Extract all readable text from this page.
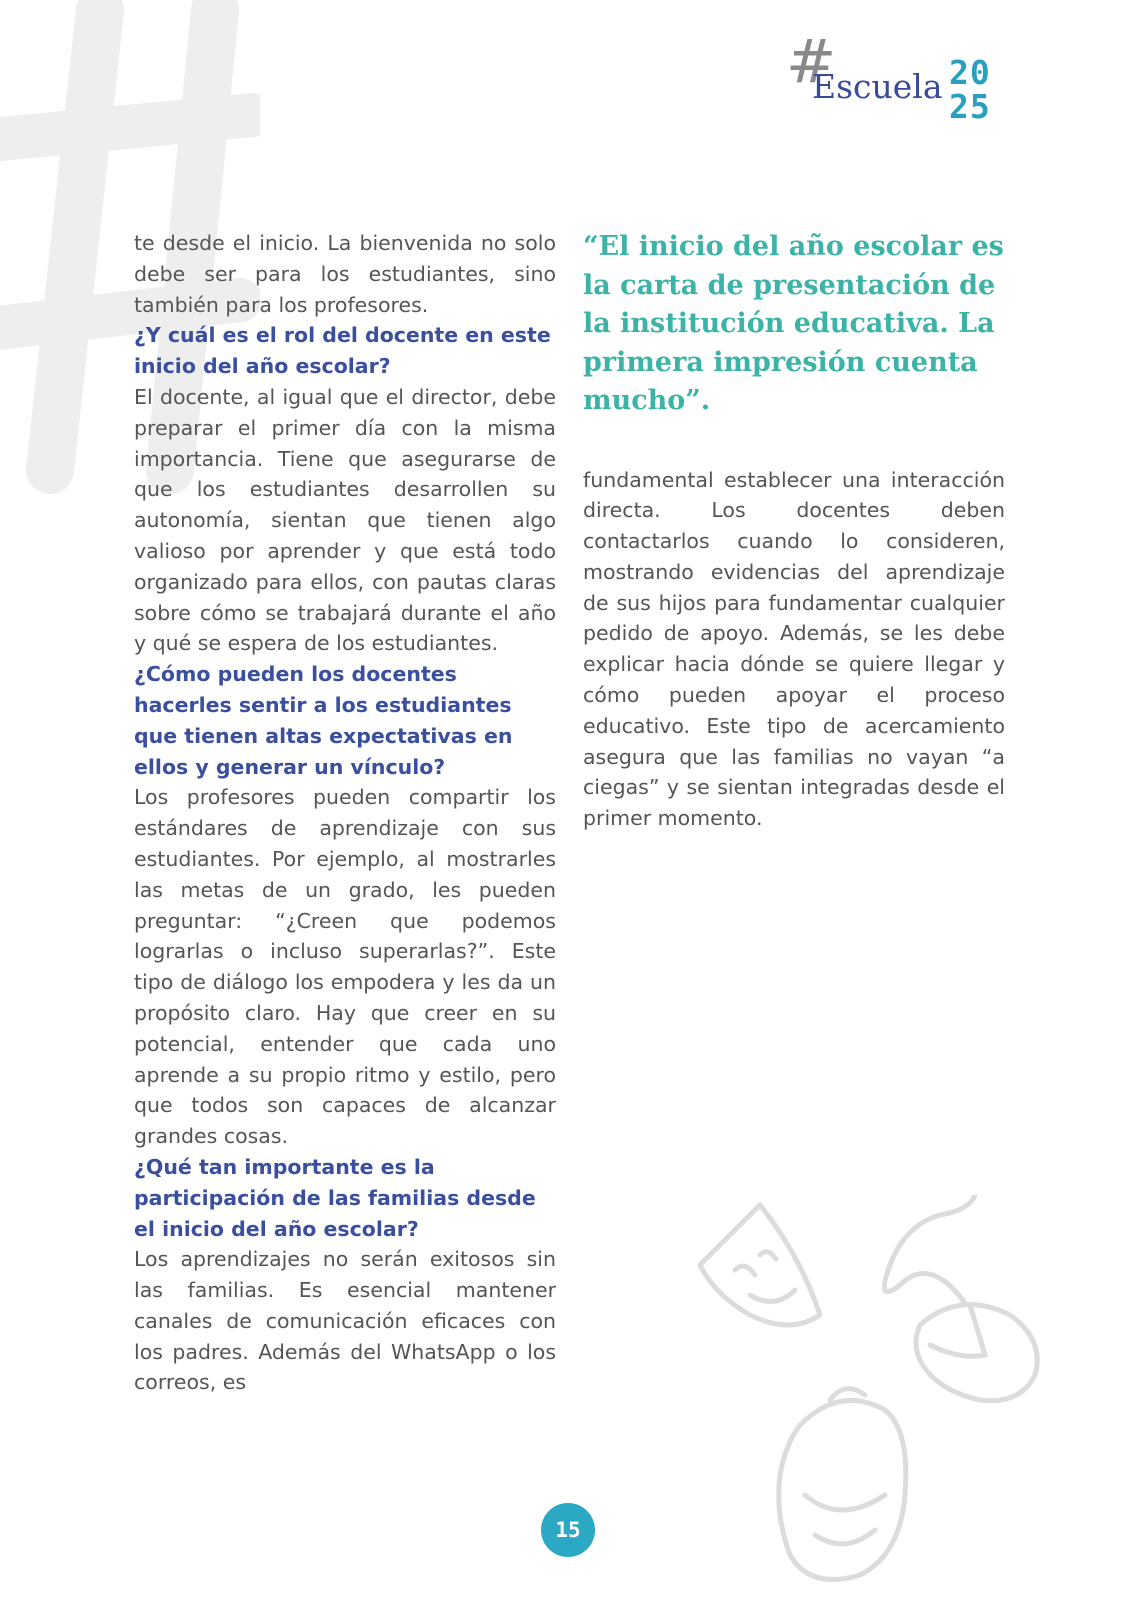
#
Escuela 20
25

te desde el inicio. La bienvenida no solo debe ser para los estudiantes, sino también para los profesores.

¿Y cuál es el rol del docente en este inicio del año escolar?

El docente, al igual que el director, debe preparar el primer día con la misma importancia. Tiene que asegurarse de que los estudiantes desarrollen su autonomía, sientan que tienen algo valioso por aprender y que está todo organizado para ellos, con pautas claras sobre cómo se trabajará durante el año y qué se espera de los estudiantes.

¿Cómo pueden los docentes hacerles sentir a los estudiantes que tienen altas expectativas en ellos y generar un vínculo?

Los profesores pueden compartir los estándares de aprendizaje con sus estudiantes. Por ejemplo, al mostrarles las metas de un grado, les pueden preguntar: “¿Creen que podemos lograrlas o incluso superarlas?”. Este tipo de diálogo los empodera y les da un propósito claro. Hay que creer en su potencial, entender que cada uno aprende a su propio ritmo y estilo, pero que todos son capaces de alcanzar grandes cosas.

¿Qué tan importante es la participación de las familias desde el inicio del año escolar?

Los aprendizajes no serán exitosos sin las familias. Es esencial mantener canales de comunicación eficaces con los padres. Además del WhatsApp o los correos, es

“El inicio del año escolar es la carta de presentación de la institución educativa. La primera impresión cuenta mucho”.

fundamental establecer una interacción directa. Los docentes deben contactarlos cuando lo consideren, mostrando evidencias del aprendizaje de sus hijos para fundamentar cualquier pedido de apoyo. Además, se les debe explicar hacia dónde se quiere llegar y cómo pueden apoyar el proceso educativo. Este tipo de acercamiento asegura que las familias no vayan “a ciegas” y se sientan integradas desde el primer momento.

15
